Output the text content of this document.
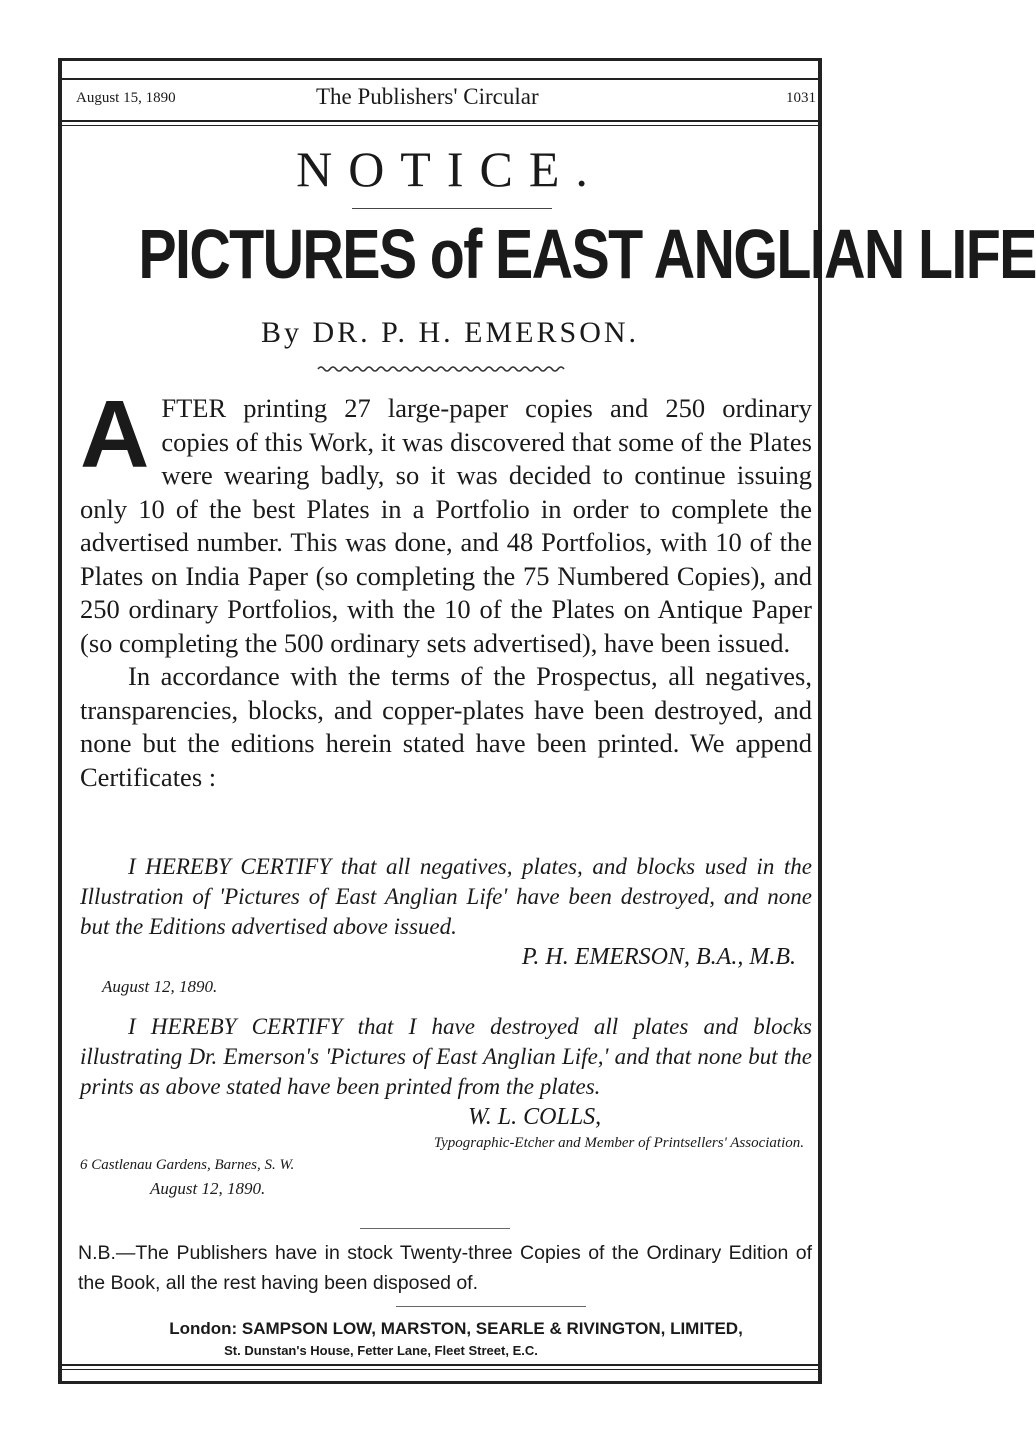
August 15, 1890	The Publishers' Circular	1031
NOTICE.
PICTURES of EAST ANGLIAN LIFE
By DR. P. H. EMERSON.

AFTER printing 27 large-paper copies and 250 ordinary copies of this Work, it was discovered that some of the Plates were wearing badly, so it was decided to continue issuing only 10 of the best Plates in a Portfolio in order to complete the advertised number. This was done, and 48 Portfolios, with 10 of the Plates on India Paper (so completing the 75 Numbered Copies), and 250 ordinary Portfolios, with the 10 of the Plates on Antique Paper (so completing the 500 ordinary sets advertised), have been issued.

In accordance with the terms of the Prospectus, all negatives, transparencies, blocks, and copper-plates have been destroyed, and none but the editions herein stated have been printed. We append Certificates :

I HEREBY CERTIFY that all negatives, plates, and blocks used in the Illustration of 'Pictures of East Anglian Life' have been destroyed, and none but the Editions advertised above issued.

P. H. EMERSON, B.A., M.B.

August 12, 1890.

I HEREBY CERTIFY that I have destroyed all plates and blocks illustrating Dr. Emerson's 'Pictures of East Anglian Life,' and that none but the prints as above stated have been printed from the plates.

W. L. COLLS,

Typographic-Etcher and Member of Printsellers' Association.

6 Castlenau Gardens, Barnes, S. W.

August 12, 1890.

N.B.—The Publishers have in stock Twenty-three Copies of the Ordinary Edition of the Book, all the rest having been disposed of.
London: SAMPSON LOW, MARSTON, SEARLE & RIVINGTON, LIMITED,
St. Dunstan's House, Fetter Lane, Fleet Street, E.C.
